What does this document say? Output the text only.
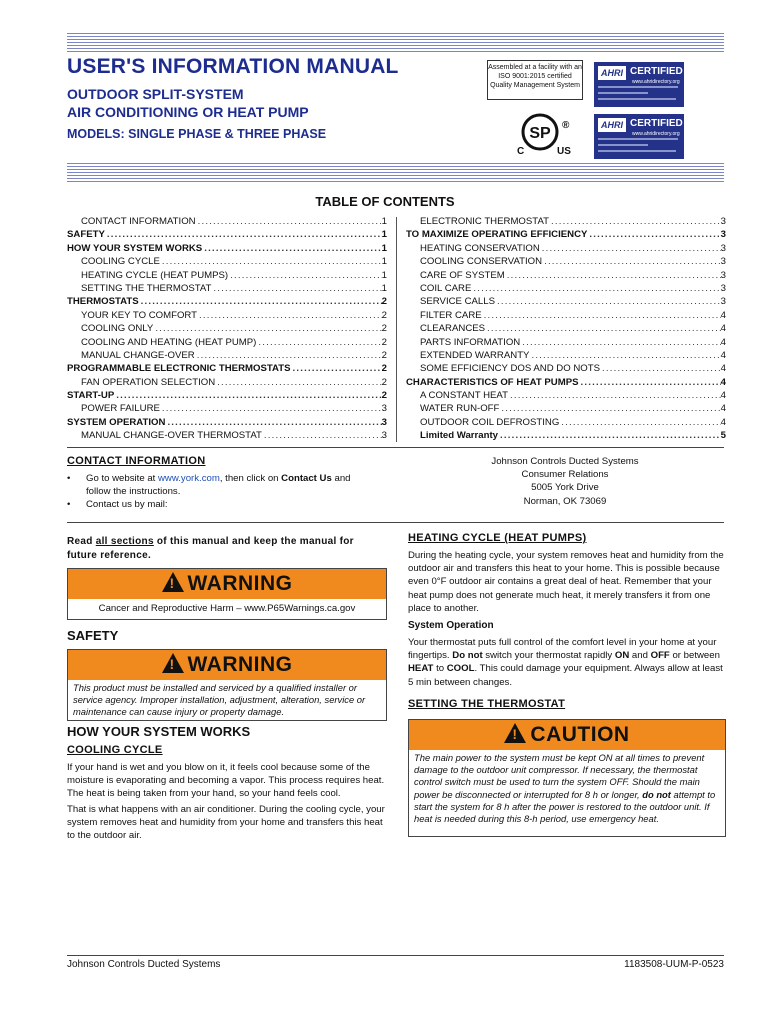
USER'S INFORMATION MANUAL
OUTDOOR SPLIT-SYSTEM
AIR CONDITIONING OR HEAT PUMP
MODELS: SINGLE PHASE & THREE PHASE
Assembled at a facility with an ISO 9001:2015 certified Quality Management System
SP
C	US
®
AHRI CERTIFIED
www.ahridirectory.org
AHRI CERTIFIED
www.ahridirectory.org
TABLE OF CONTENTS
CONTACT INFORMATION .....	1
SAFETY .....	1
HOW YOUR SYSTEM WORKS .....	1
COOLING CYCLE .....	1
HEATING CYCLE (HEAT PUMPS) .....	1
SETTING THE THERMOSTAT .....	1
THERMOSTATS .....	2
YOUR KEY TO COMFORT .....	2
COOLING ONLY .....	2
COOLING AND HEATING (HEAT PUMP) .....	2
MANUAL CHANGE-OVER .....	2
PROGRAMMABLE ELECTRONIC THERMOSTATS .....	2
FAN OPERATION SELECTION .....	2
START-UP .....	2
POWER FAILURE .....	3
SYSTEM OPERATION .....	3
MANUAL CHANGE-OVER THERMOSTAT .....	3
ELECTRONIC THERMOSTAT .....	3
TO MAXIMIZE OPERATING EFFICIENCY .....	3
HEATING CONSERVATION .....	3
COOLING CONSERVATION .....	3
CARE OF SYSTEM .....	3
COIL CARE .....	3
SERVICE CALLS .....	3
FILTER CARE .....	4
CLEARANCES .....	4
PARTS INFORMATION .....	4
EXTENDED WARRANTY .....	4
SOME EFFICIENCY DOS AND DO NOTS .....	4
CHARACTERISTICS OF HEAT PUMPS .....	4
A CONSTANT HEAT .....	4
WATER RUN-OFF .....	4
OUTDOOR COIL DEFROSTING .....	4
Limited Warranty .....	5
CONTACT INFORMATION
•	Go to website at www.york.com, then click on Contact Us and follow the instructions.
• Contact us by mail:
Johnson Controls Ducted Systems
Consumer Relations
5005 York Drive
Norman, OK 73069
Read all sections of this manual and keep the manual for future reference.
!WARNING
Cancer and Reproductive Harm – www.P65Warnings.ca.gov
SAFETY
!WARNING
This product must be installed and serviced by a qualified installer or service agency. Improper installation, adjustment, alteration, service or maintenance can cause injury or property damage.
HOW YOUR SYSTEM WORKS
COOLING CYCLE
If your hand is wet and you blow on it, it feels cool because some of the moisture is evaporating and becoming a vapor. This process requires heat. The heat is being taken from your hand, so your hand feels cool.
That is what happens with an air conditioner. During the cooling cycle, your system removes heat and humidity from your home and transfers this heat to the outdoor air.
HEATING CYCLE (HEAT PUMPS)
During the heating cycle, your system removes heat and humidity from the outdoor air and transfers this heat to your home. This is possible because even 0°F outdoor air contains a great deal of heat. Remember that your heat pump does not generate much heat, it merely transfers it from one place to another.
System Operation
Your thermostat puts full control of the comfort level in your home at your fingertips. Do not switch your thermostat rapidly ON and OFF or between HEAT to COOL. This could damage your equipment. Always allow at least 5 min between changes.
SETTING THE THERMOSTAT
!CAUTION
The main power to the system must be kept ON at all times to prevent damage to the outdoor unit compressor. If necessary, the thermostat control switch must be used to turn the system OFF. Should the main power be disconnected or interrupted for 8 h or longer, do not attempt to start the system for 8 h after the power is restored to the outdoor unit. If heat is needed during this 8-h period, use emergency heat.
Johnson Controls Ducted Systems	1183508-UUM-P-0523
